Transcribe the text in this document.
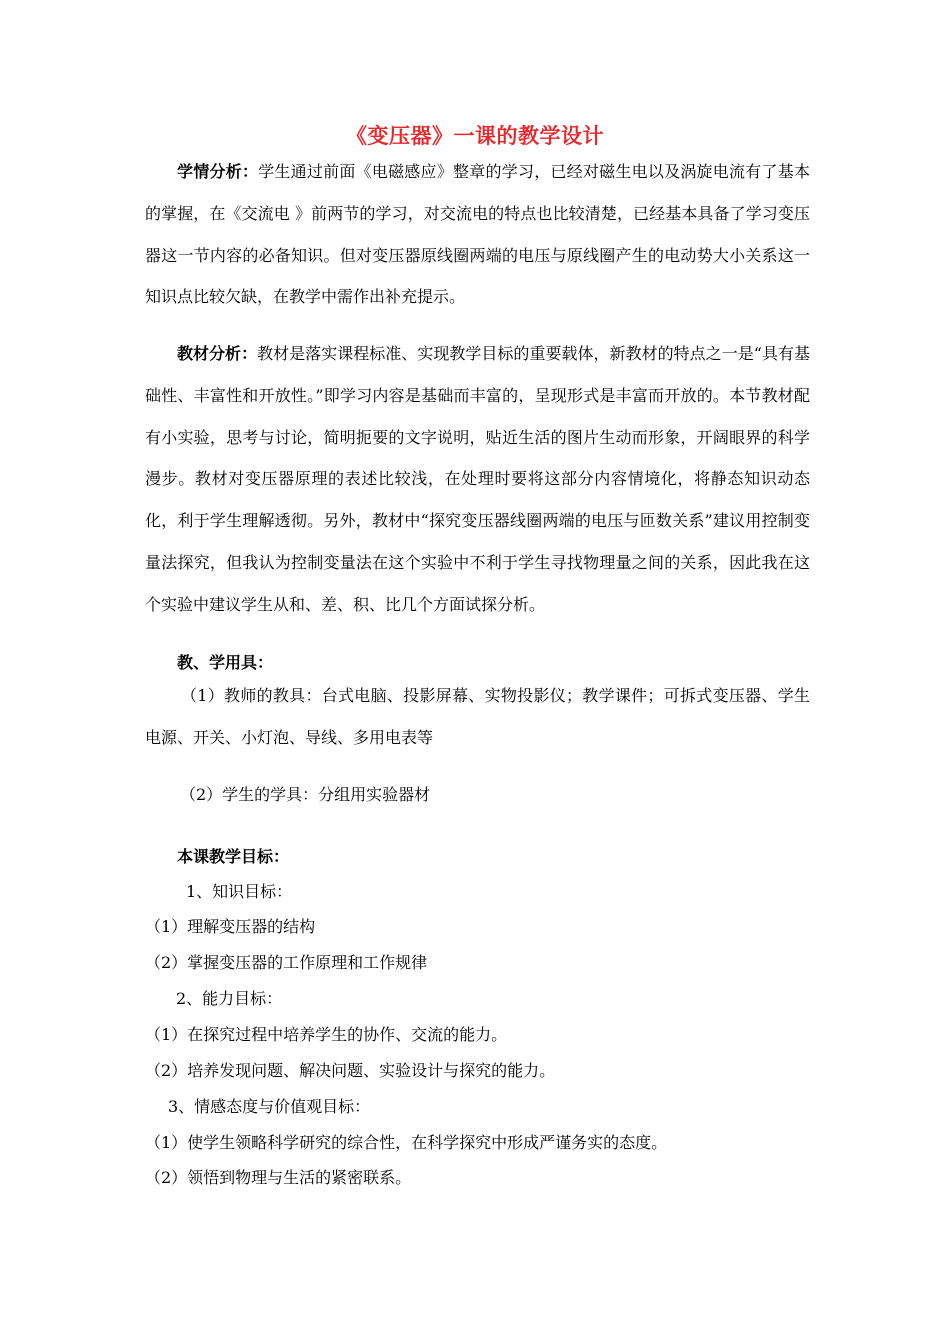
《变压器》一课的教学设计

学情分析：学生通过前面《电磁感应》整章的学习，已经对磁生电以及涡旋电流有了基本的掌握，在《交流电 》前两节的学习，对交流电的特点也比较清楚，已经基本具备了学习变压器这一节内容的必备知识。但对变压器原线圈两端的电压与原线圈产生的电动势大小关系这一知识点比较欠缺，在教学中需作出补充提示。

教材分析：教材是落实课程标准、实现教学目标的重要载体，新教材的特点之一是“具有基础性、丰富性和开放性。”即学习内容是基础而丰富的，呈现形式是丰富而开放的。本节教材配有小实验，思考与讨论，简明扼要的文字说明，贴近生活的图片生动而形象，开阔眼界的科学漫步。教材对变压器原理的表述比较浅，在处理时要将这部分内容情境化，将静态知识动态化，利于学生理解透彻。另外，教材中“探究变压器线圈两端的电压与匝数关系”建议用控制变量法探究，但我认为控制变量法在这个实验中不利于学生寻找物理量之间的关系，因此我在这个实验中建议学生从和、差、积、比几个方面试探分析。

教、学用具：

（1）教师的教具：台式电脑、投影屏幕、实物投影仪；教学课件；可拆式变压器、学生电源、开关、小灯泡、导线、多用电表等

（2）学生的学具：分组用实验器材

本课教学目标：

1、知识目标：

（1）理解变压器的结构

（2）掌握变压器的工作原理和工作规律

2、能力目标：

（1）在探究过程中培养学生的协作、交流的能力。

（2）培养发现问题、解决问题、实验设计与探究的能力。

3、情感态度与价值观目标：

（1）使学生领略科学研究的综合性，在科学探究中形成严谨务实的态度。

（2）领悟到物理与生活的紧密联系。
